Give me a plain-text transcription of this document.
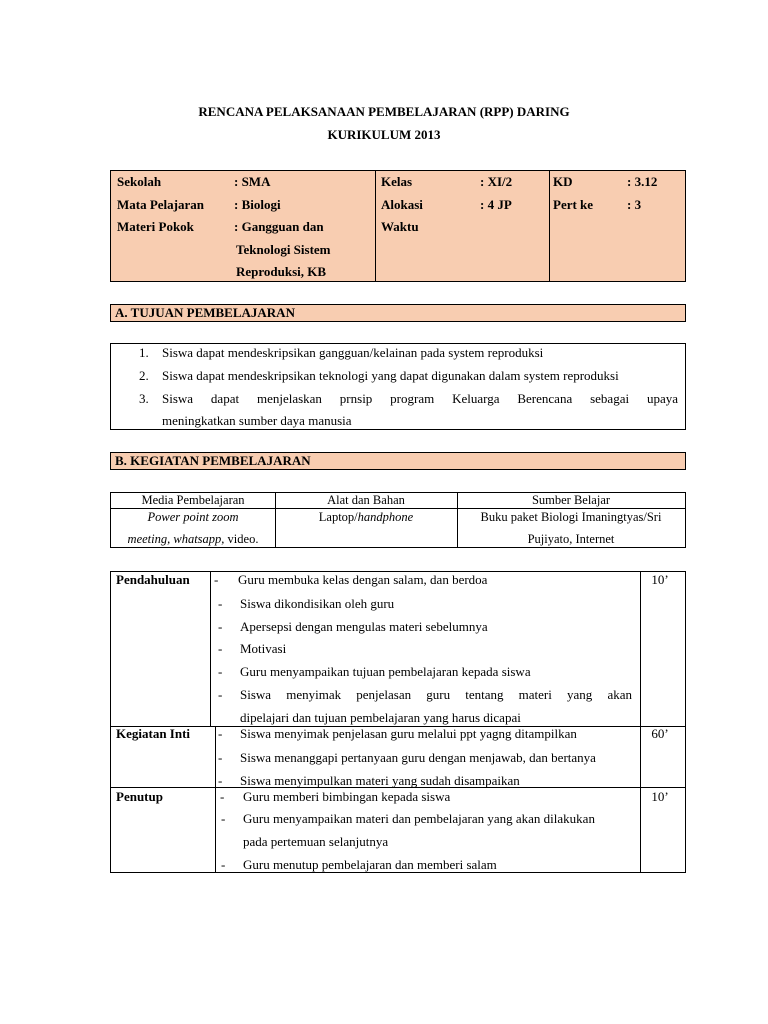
RENCANA PELAKSANAAN PEMBELAJARAN (RPP) DARING
KURIKULUM 2013
Sekolah	: SMA
Mata Pelajaran : Biologi
Materi Pokok	: Gangguan dan
Teknologi Sistem
Reproduksi, KB
Kelas	: XI/2
Alokasi	: 4 JP
Waktu
KD	: 3.12
Pert ke	: 3
A. TUJUAN PEMBELAJARAN
1. Siswa dapat mendeskripsikan gangguan/kelainan pada system reproduksi
2. Siswa dapat mendeskripsikan teknologi yang dapat digunakan dalam system reproduksi
3. Siswa dapat menjelaskan prnsip program Keluarga Berencana sebagai upaya
meningkatkan sumber daya manusia
B. KEGIATAN PEMBELAJARAN
Media Pembelajaran	Alat dan Bahan	Sumber Belajar
Power point zoom
meeting, whatsapp, video.
Laptop/handphone	Buku paket Biologi Imaningtyas/Sri
Pujiyato, Internet
Pendahuluan	10’
- Guru membuka kelas dengan salam, dan berdoa
- Siswa dikondisikan oleh guru
- Apersepsi dengan mengulas materi sebelumnya
- Motivasi
- Guru menyampaikan tujuan pembelajaran kepada siswa
- Siswa menyimak penjelasan guru tentang materi yang akan
dipelajari dan tujuan pembelajaran yang harus dicapai
Kegiatan Inti	60’
- Siswa menyimak penjelasan guru melalui ppt yagng ditampilkan
- Siswa menanggapi pertanyaan guru dengan menjawab, dan bertanya
- Siswa menyimpulkan materi yang sudah disampaikan
Penutup	10’
- Guru memberi bimbingan kepada siswa
- Guru menyampaikan materi dan pembelajaran yang akan dilakukan
pada pertemuan selanjutnya
- Guru menutup pembelajaran dan memberi salam
